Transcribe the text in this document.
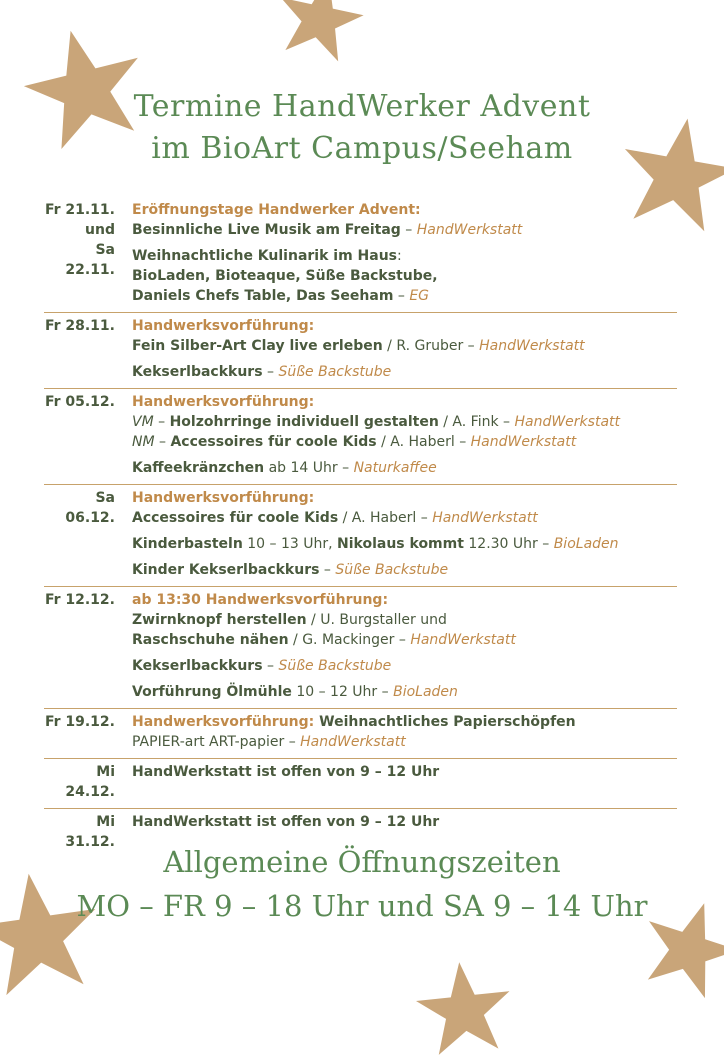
Termine HandWerker Advent
im BioArt Campus/Seeham
Fr 21.11.
und
Sa 22.11.
Eröffnungstage Handwerker Advent:
Besinnliche Live Musik am Freitag – HandWerkstatt
Weihnachtliche Kulinarik im Haus:
BioLaden, Bioteaque, Süße Backstube,
Daniels Chefs Table, Das Seeham – EG
Fr 28.11. Handwerksvorführung:
Fein Silber-Art Clay live erleben / R. Gruber – HandWerkstatt
Kekserlbackkurs – Süße Backstube
Fr 05.12. Handwerksvorführung:
VM – Holzohrringe individuell gestalten / A. Fink – HandWerkstatt
NM – Accessoires für coole Kids / A. Haberl – HandWerkstatt
Kaffeekränzchen ab 14 Uhr – Naturkaffee
Sa 06.12.
Handwerksvorführung:
Accessoires für coole Kids / A. Haberl – HandWerkstatt
Kinderbasteln 10 – 13 Uhr, Nikolaus kommt 12.30 Uhr – BioLaden
Kinder Kekserlbackkurs – Süße Backstube
Fr 12.12. ab 13:30 Handwerksvorführung:
Zwirnknopf herstellen / U. Burgstaller und
Raschschuhe nähen / G. Mackinger – HandWerkstatt
Kekserlbackkurs – Süße Backstube
Vorführung Ölmühle 10 – 12 Uhr – BioLaden
Fr 19.12. Handwerksvorführung: Weihnachtliches Papierschöpfen
PAPIER-art ART-papier – HandWerkstatt
Mi 24.12.
HandWerkstatt ist offen von 9 – 12 Uhr
Mi 31.12.
HandWerkstatt ist offen von 9 – 12 Uhr
Allgemeine Öffnungszeiten
MO – FR 9 – 18 Uhr und SA 9 – 14 Uhr
